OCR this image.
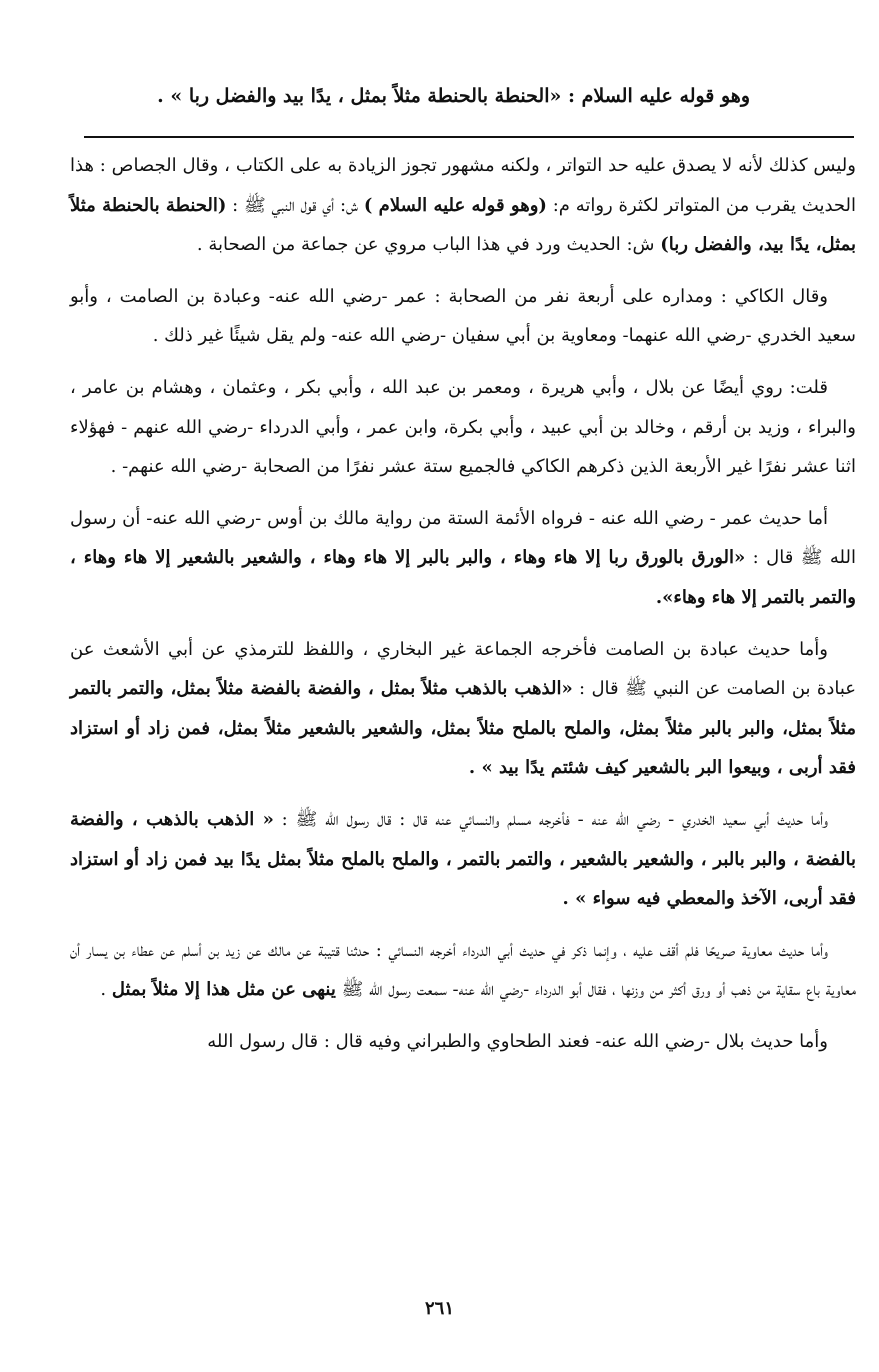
وهو قوله عليه السلام : «الحنطة بالحنطة مثلاً بمثل ، يدًا بيد والفضل ربا » .

وليس كذلك لأنه لا يصدق عليه حد التواتر ، ولكنه مشهور تجوز الزيادة به على الكتاب ، وقال الجصاص : هذا الحديث يقرب من المتواتر لكثرة رواته م: (وهو قوله عليه السلام ) ش: أي قول النبي ﷺ : (الحنطة بالحنطة مثلاً بمثل، يدًا بيد، والفضل ربا) ش: الحديث ورد في هذا الباب مروي عن جماعة من الصحابة .

وقال الكاكي : ومداره على أربعة نفر من الصحابة : عمر -رضي الله عنه- وعبادة بن الصامت ، وأبو سعيد الخدري -رضي الله عنهما- ومعاوية بن أبي سفيان -رضي الله عنه- ولم يقل شيئًا غير ذلك .

قلت: روي أيضًا عن بلال ، وأبي هريرة ، ومعمر بن عبد الله ، وأبي بكر ، وعثمان ، وهشام بن عامر ، والبراء ، وزيد بن أرقم ، وخالد بن أبي عبيد ، وأبي بكرة، وابن عمر ، وأبي الدرداء -رضي الله عنهم - فهؤلاء اثنا عشر نفرًا غير الأربعة الذين ذكرهم الكاكي فالجميع ستة عشر نفرًا من الصحابة -رضي الله عنهم- .

أما حديث عمر - رضي الله عنه - فرواه الأئمة الستة من رواية مالك بن أوس -رضي الله عنه- أن رسول الله ﷺ قال : «الورق بالورق ربا إلا هاء وهاء ، والبر بالبر إلا هاء وهاء ، والشعير بالشعير إلا هاء وهاء ، والتمر بالتمر إلا هاء وهاء».

وأما حديث عبادة بن الصامت فأخرجه الجماعة غير البخاري ، واللفظ للترمذي عن أبي الأشعث عن عبادة بن الصامت عن النبي ﷺ قال : «الذهب بالذهب مثلاً بمثل ، والفضة بالفضة مثلاً بمثل، والتمر بالتمر مثلاً بمثل، والبر بالبر مثلاً بمثل، والملح بالملح مثلاً بمثل، والشعير بالشعير مثلاً بمثل، فمن زاد أو استزاد فقد أربى ، وبيعوا البر بالشعير كيف شئتم يدًا بيد » .

وأما حديث أبي سعيد الخدري - رضي الله عنه - فأخرجه مسلم والنسائي عنه قال : قال رسول الله ﷺ : « الذهب بالذهب ، والفضة بالفضة ، والبر بالبر ، والشعير بالشعير ، والتمر بالتمر ، والملح بالملح مثلاً بمثل يدًا بيد فمن زاد أو استزاد فقد أربى، الآخذ والمعطي فيه سواء » .

وأما حديث معاوية صريحًا فلم أقف عليه ، وإنما ذكر في حديث أبي الدرداء أخرجه النسائي : حدثنا قتيبة عن مالك عن زيد بن أسلم عن عطاء بن يسار أن معاوية باع سقاية من ذهب أو ورق أكثر من وزنها ، فقال أبو الدرداء -رضي الله عنه- سمعت رسول الله ﷺ ينهى عن مثل هذا إلا مثلاً بمثل .

وأما حديث بلال -رضي الله عنه- فعند الطحاوي والطبراني وفيه قال : قال رسول الله

٢٦١
